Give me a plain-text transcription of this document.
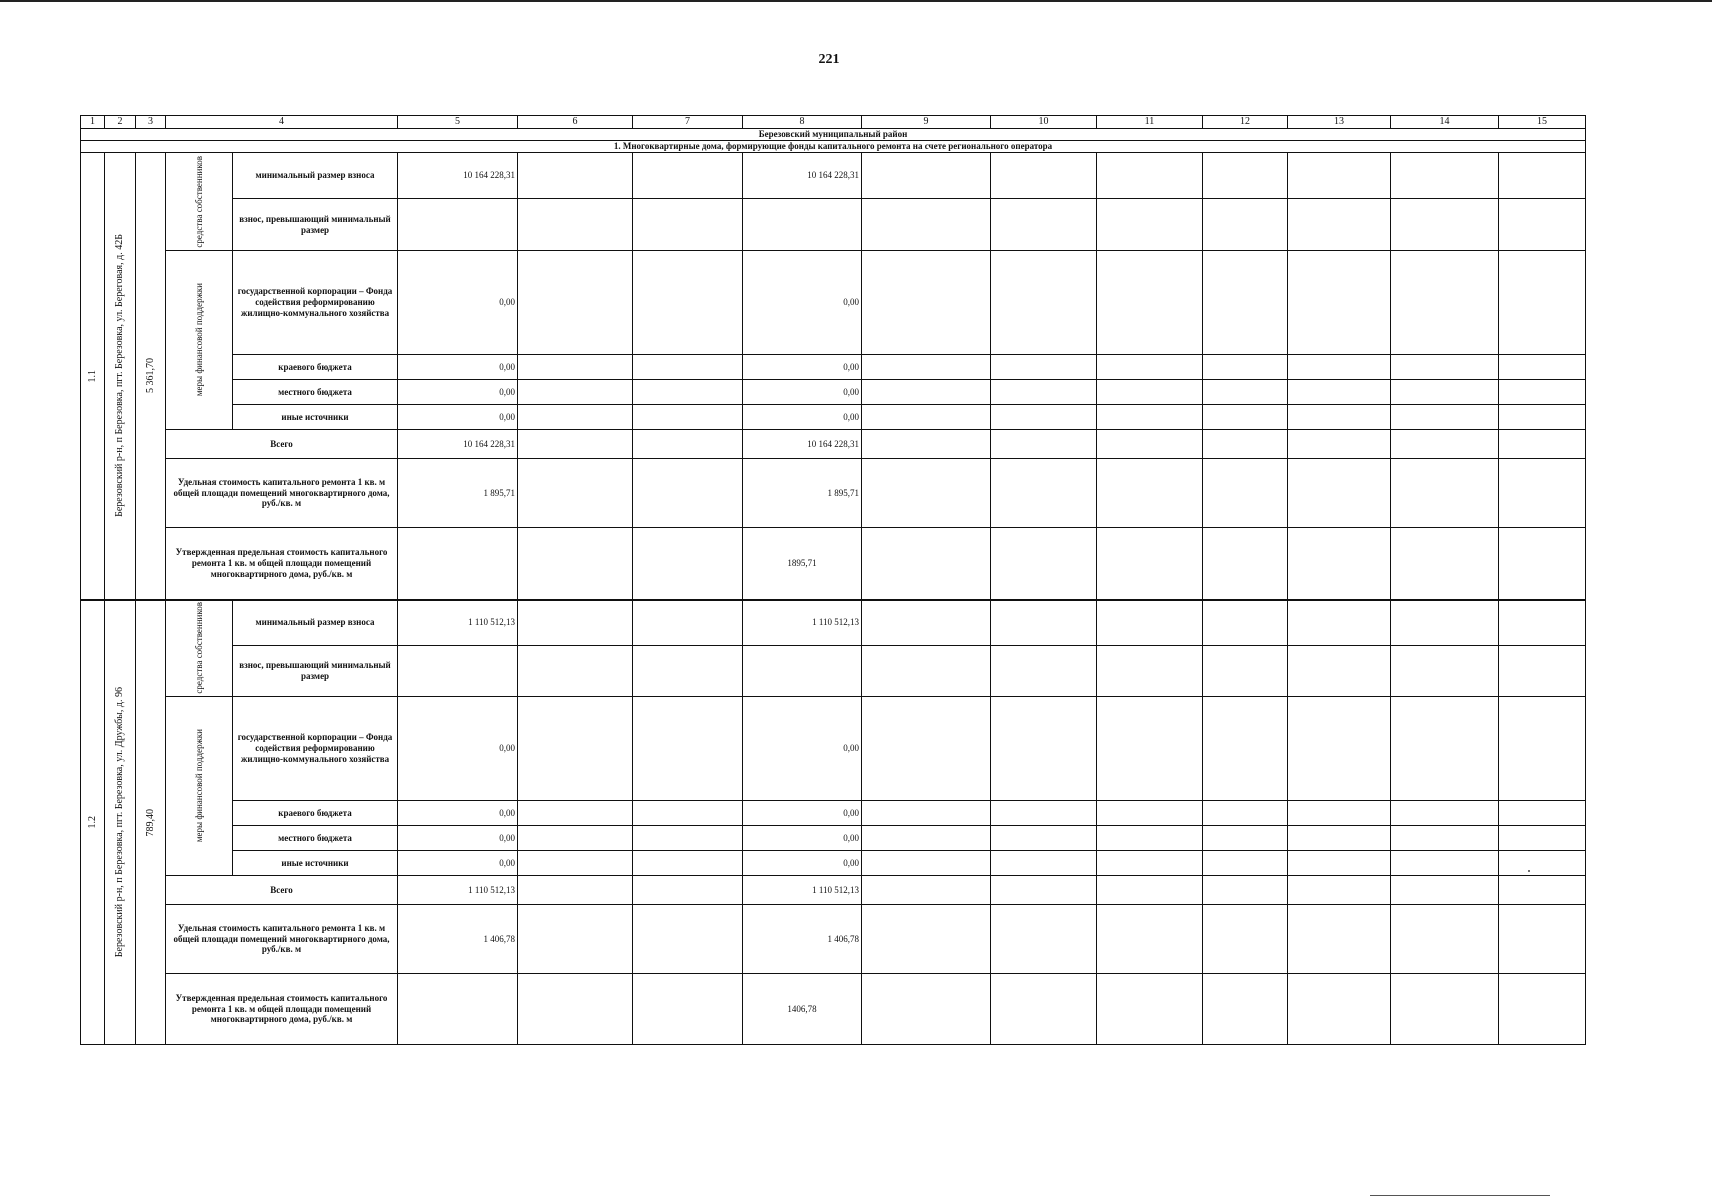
221
1	2	3	4		5	6	7	8	9	10	11	12	13	14	15
Березовский муниципальный район															
1. Многоквартирные дома, формирующие фонды капитального ремонта на счете регионального оператора															

1.1	Березовский р-н, п Березовка, пгт. Березовка, ул. Береговая, д. 42Б	5 361,70	средства собственников	минимальный размер взноса	10 164 228,31			10 164 228,31							
				взнос, превышающий минимальный размер											

			меры финансовой поддержки	государственной корпорации – Фонда содействия реформированию жилищно-коммунального хозяйства	0,00			0,00							
				краевого бюджета	0,00			0,00							
				местного бюджета	0,00			0,00							
				иные источники	0,00			0,00							
			Всего		10 164 228,31			10 164 228,31							
			Удельная стоимость капитального ремонта 1 кв. м общей площади помещений многоквартирного дома, руб./кв. м		1 895,71			1 895,71							
			Утвержденная предельная стоимость капитального ремонта 1 кв. м общей площади помещений многоквартирного дома, руб./кв. м					1895,71							

1.2	Березовский р-н, п Березовка, пгт. Березовка, ул. Дружбы, д. 96	789,40	средства собственников	минимальный размер взноса	1 110 512,13			1 110 512,13							
				взнос, превышающий минимальный размер											

			меры финансовой поддержки	государственной корпорации – Фонда содействия реформированию жилищно-коммунального хозяйства	0,00			0,00							
				краевого бюджета	0,00			0,00							
				местного бюджета	0,00			0,00							
				иные источники	0,00			0,00							
			Всего		1 110 512,13			1 110 512,13							
			Удельная стоимость капитального ремонта 1 кв. м общей площади помещений многоквартирного дома, руб./кв. м		1 406,78			1 406,78							
			Утвержденная предельная стоимость капитального ремонта 1 кв. м общей площади помещений многоквартирного дома, руб./кв. м					1406,78							
